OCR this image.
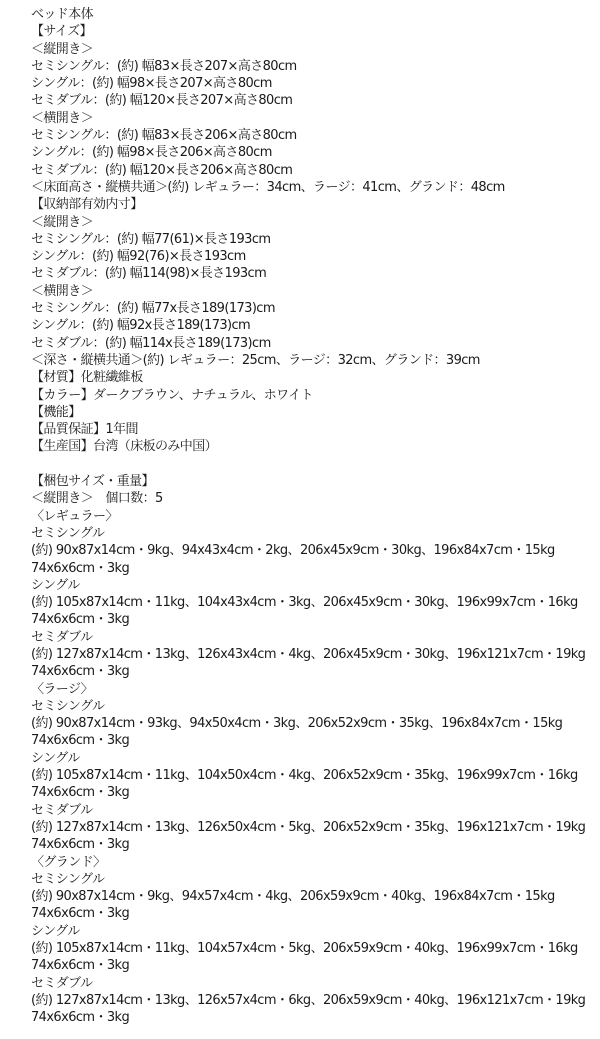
ベッド本体
【サイズ】
＜縦開き＞
セミシングル：(約) 幅83×長さ207×高さ80cm
シングル：(約) 幅98×長さ207×高さ80cm
セミダブル：(約) 幅120×長さ207×高さ80cm
＜横開き＞
セミシングル：(約) 幅83×長さ206×高さ80cm
シングル：(約) 幅98×長さ206×高さ80cm
セミダブル：(約) 幅120×長さ206×高さ80cm
＜床面高さ・縦横共通＞(約) レギュラー：34cm、ラージ：41cm、グランド：48cm
【収納部有効内寸】
＜縦開き＞
セミシングル：(約) 幅77(61)×長さ193cm
シングル：(約) 幅92(76)×長さ193cm
セミダブル：(約) 幅114(98)×長さ193cm
＜横開き＞
セミシングル：(約) 幅77x長さ189(173)cm
シングル：(約) 幅92x長さ189(173)cm
セミダブル：(約) 幅114x長さ189(173)cm
＜深さ・縦横共通＞(約) レギュラー：25cm、ラージ：32cm、グランド：39cm
【材質】化粧繊維板
【カラー】ダークブラウン、ナチュラル、ホワイト
【機能】
【品質保証】1年間
【生産国】台湾（床板のみ中国）
【梱包サイズ・重量】
＜縦開き＞　個口数：5
〈レギュラー〉
セミシングル
(約) 90x87x14cm・9kg、94x43x4cm・2kg、206x45x9cm・30kg、196x84x7cm・15kg
74x6x6cm・3kg
シングル
(約) 105x87x14cm・11kg、104x43x4cm・3kg、206x45x9cm・30kg、196x99x7cm・16kg
74x6x6cm・3kg
セミダブル
(約) 127x87x14cm・13kg、126x43x4cm・4kg、206x45x9cm・30kg、196x121x7cm・19kg
74x6x6cm・3kg
〈ラージ〉
セミシングル
(約) 90x87x14cm・93kg、94x50x4cm・3kg、206x52x9cm・35kg、196x84x7cm・15kg
74x6x6cm・3kg
シングル
(約) 105x87x14cm・11kg、104x50x4cm・4kg、206x52x9cm・35kg、196x99x7cm・16kg
74x6x6cm・3kg
セミダブル
(約) 127x87x14cm・13kg、126x50x4cm・5kg、206x52x9cm・35kg、196x121x7cm・19kg
74x6x6cm・3kg
〈グランド〉
セミシングル
(約) 90x87x14cm・9kg、94x57x4cm・4kg、206x59x9cm・40kg、196x84x7cm・15kg
74x6x6cm・3kg
シングル
(約) 105x87x14cm・11kg、104x57x4cm・5kg、206x59x9cm・40kg、196x99x7cm・16kg
74x6x6cm・3kg
セミダブル
(約) 127x87x14cm・13kg、126x57x4cm・6kg、206x59x9cm・40kg、196x121x7cm・19kg
74x6x6cm・3kg
